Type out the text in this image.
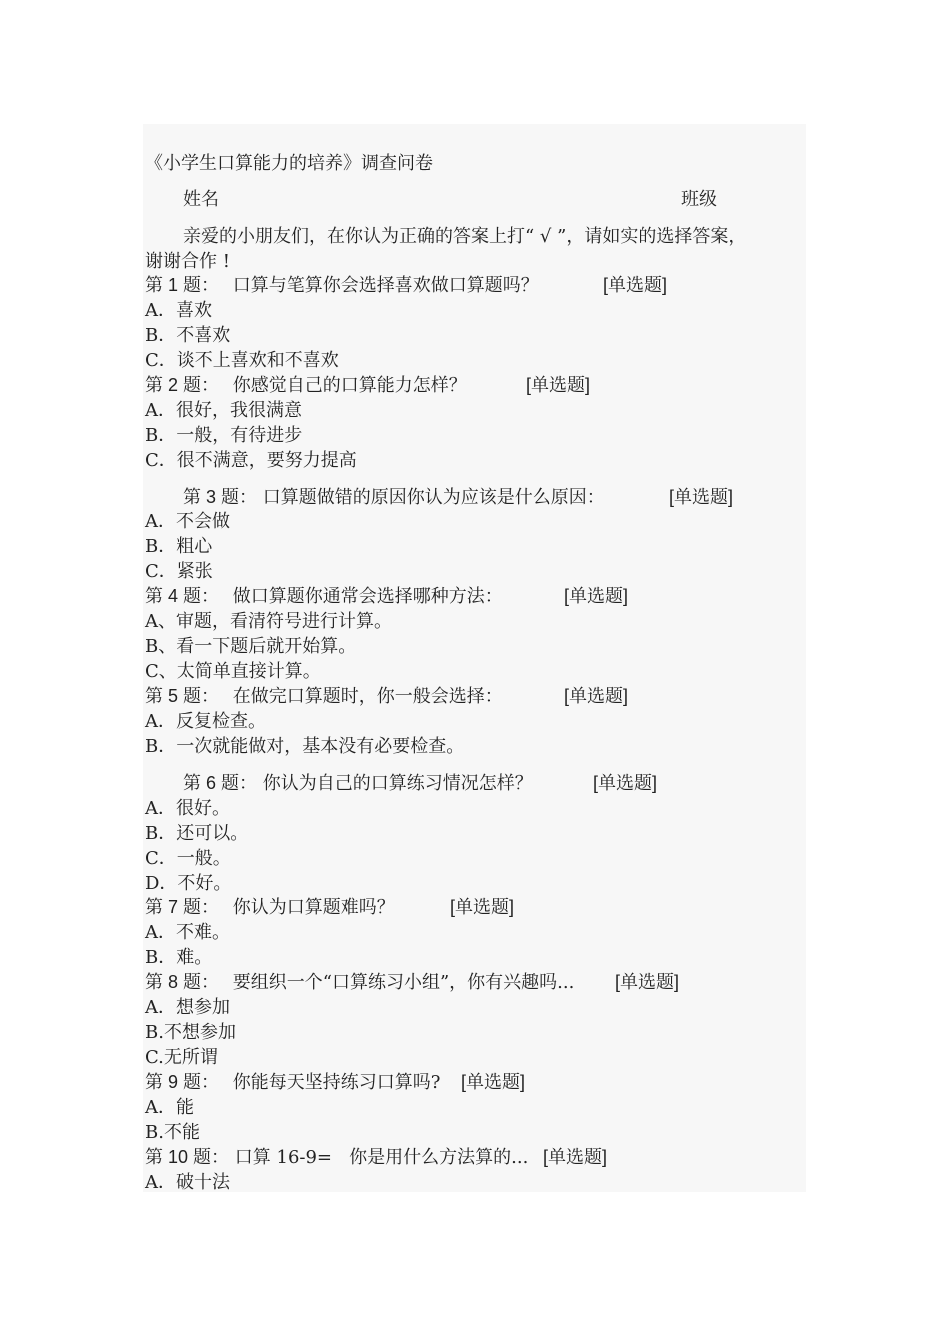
《小学生口算能力的培养》调查问卷
姓名	班级
亲爱的小朋友们，在你认为正确的答案上打“ √ ”，请如实的选择答案，
谢谢合作 !
第 1 题： 口算与笔算你会选择喜欢做口算题吗？	[单选题]
A．喜欢
B．不喜欢
C．谈不上喜欢和不喜欢
第 2 题： 你感觉自己的口算能力怎样？	[单选题]
A．很好，我很满意
B．一般，有待进步
C．很不满意，要努力提高
第 3 题： 口算题做错的原因你认为应该是什么原因：	[单选题]
A．不会做
B．粗心
C．紧张
第 4 题： 做口算题你通常会选择哪种方法：	[单选题]
A、审题，看清符号进行计算。
B、看一下题后就开始算。
C、太简单直接计算。
第 5 题： 在做完口算题时，你一般会选择：	[单选题]
A．反复检查。
B．一次就能做对，基本没有必要检查。
第 6 题： 你认为自己的口算练习情况怎样？	[单选题]
A．很好。
B．还可以。
C．一般。
D．不好。
第 7 题： 你认为口算题难吗？	[单选题]
A．不难。
B．难。
第 8 题： 要组织一个“口算练习小组”，你有兴趣吗... [单选题]
A．想参加
B.不想参加
C.无所谓
第 9 题： 你能每天坚持练习口算吗? [单选题]
A．能
B.不能
第 10 题： 口算 16-9=   你是用什么方法算的... [单选题]
A．破十法
